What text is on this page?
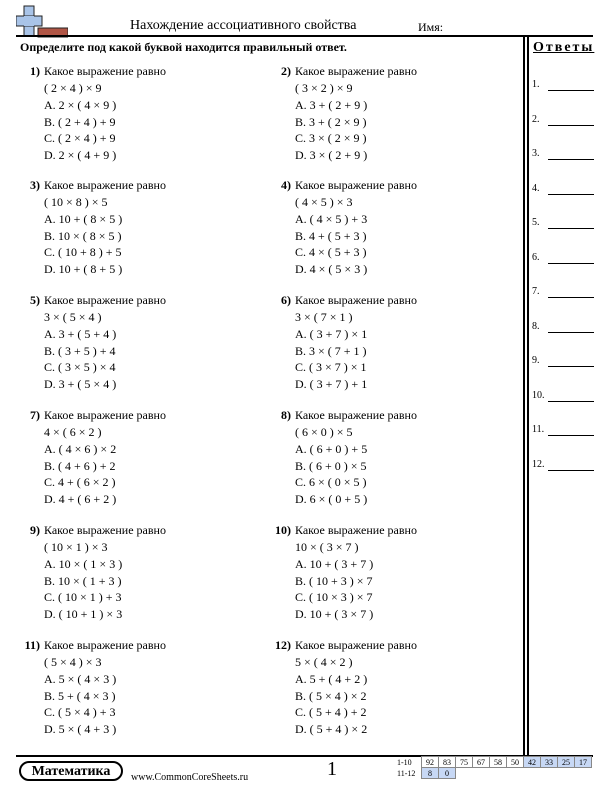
Нахождение ассоциативного свойства	Имя:
Определите под какой буквой находится правильный ответ.
1) Какое выражение равно
( 2 × 4 ) × 9
A. 2 × ( 4 × 9 )
B. ( 2 + 4 ) + 9
C. ( 2 × 4 ) + 9
D. 2 × ( 4 + 9 )
2) Какое выражение равно
( 3 × 2 ) × 9
A. 3 + ( 2 + 9 )
B. 3 + ( 2 × 9 )
C. 3 × ( 2 × 9 )
D. 3 × ( 2 + 9 )
3) Какое выражение равно
( 10 × 8 ) × 5
A. 10 + ( 8 × 5 )
B. 10 × ( 8 × 5 )
C. ( 10 + 8 ) + 5
D. 10 + ( 8 + 5 )
4) Какое выражение равно
( 4 × 5 ) × 3
A. ( 4 × 5 ) + 3
B. 4 + ( 5 + 3 )
C. 4 × ( 5 + 3 )
D. 4 × ( 5 × 3 )
5) Какое выражение равно
3 × ( 5 × 4 )
A. 3 + ( 5 + 4 )
B. ( 3 + 5 ) + 4
C. ( 3 × 5 ) × 4
D. 3 + ( 5 × 4 )
6) Какое выражение равно
3 × ( 7 × 1 )
A. ( 3 + 7 ) × 1
B. 3 × ( 7 + 1 )
C. ( 3 × 7 ) × 1
D. ( 3 + 7 ) + 1
7) Какое выражение равно
4 × ( 6 × 2 )
A. ( 4 × 6 ) × 2
B. ( 4 + 6 ) + 2
C. 4 + ( 6 × 2 )
D. 4 + ( 6 + 2 )
8) Какое выражение равно
( 6 × 0 ) × 5
A. ( 6 + 0 ) + 5
B. ( 6 + 0 ) × 5
C. 6 × ( 0 × 5 )
D. 6 × ( 0 + 5 )
9) Какое выражение равно
( 10 × 1 ) × 3
A. 10 × ( 1 × 3 )
B. 10 × ( 1 + 3 )
C. ( 10 × 1 ) + 3
D. ( 10 + 1 ) × 3
10) Какое выражение равно
10 × ( 3 × 7 )
A. 10 + ( 3 + 7 )
B. ( 10 + 3 ) × 7
C. ( 10 × 3 ) × 7
D. 10 + ( 3 × 7 )
11) Какое выражение равно
( 5 × 4 ) × 3
A. 5 × ( 4 × 3 )
B. 5 + ( 4 × 3 )
C. ( 5 × 4 ) + 3
D. 5 × ( 4 + 3 )
12) Какое выражение равно
5 × ( 4 × 2 )
A. 5 + ( 4 + 2 )
B. ( 5 × 4 ) × 2
C. ( 5 + 4 ) + 2
D. ( 5 + 4 ) × 2
Ответы
1.
2.
3.
4.
5.
6.
7.
8.
9.
10.
11.
12.
Математика	www.CommonCoreSheets.ru	1	1-10	92	83	75	67	58	50	42	33	25	17
11-12	8	0								
